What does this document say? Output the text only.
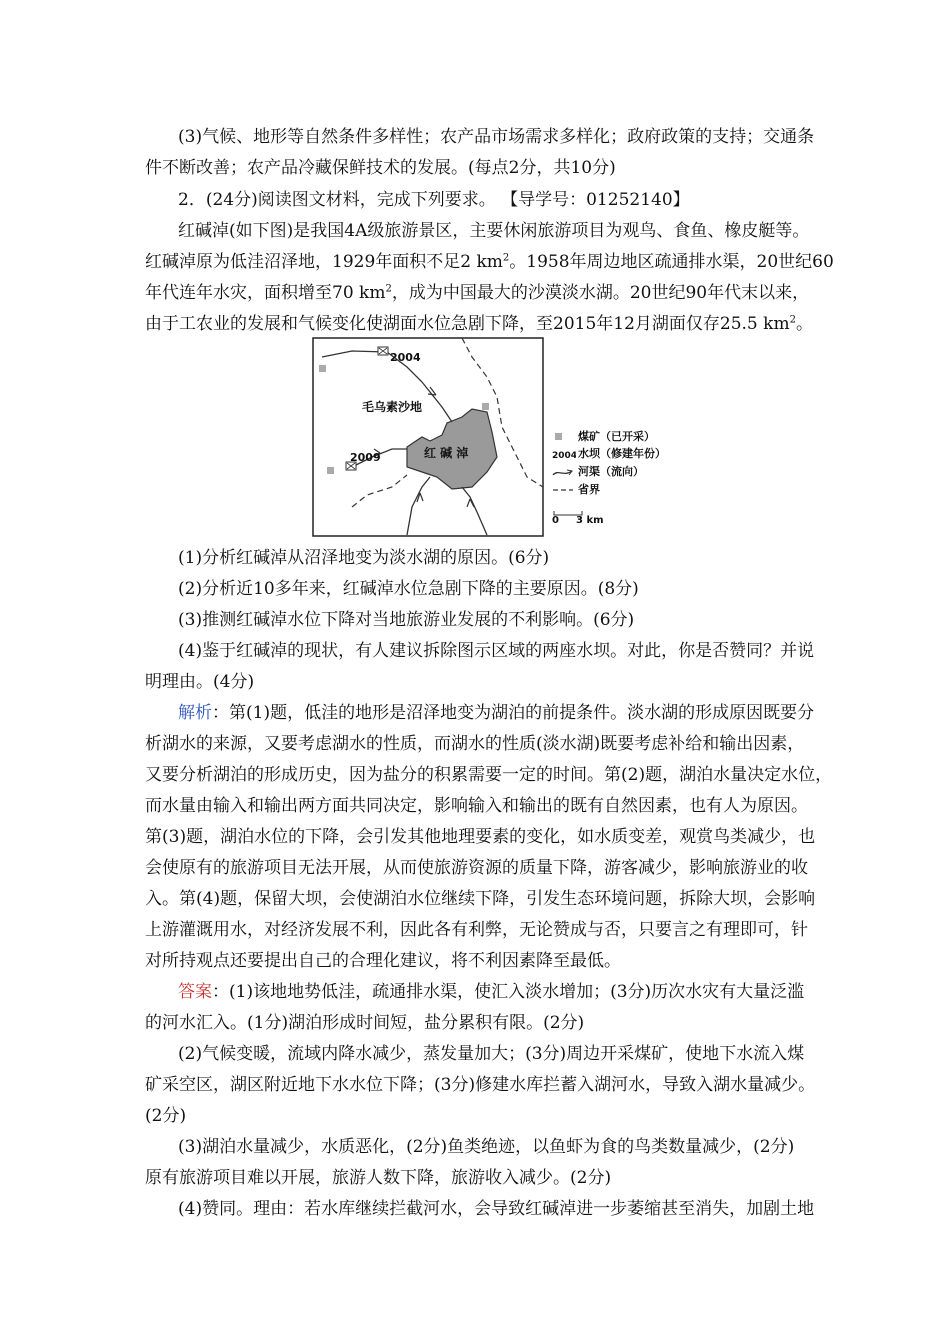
(3)气候、地形等自然条件多样性；农产品市场需求多样化；政府政策的支持；交通条
件不断改善；农产品冷藏保鲜技术的发展。(每点2分，共10分)
2．(24分)阅读图文材料，完成下列要求。 【导学号：01252140】
红碱淖(如下图)是我国4A级旅游景区，主要休闲旅游项目为观鸟、食鱼、橡皮艇等。
红碱淖原为低洼沼泽地，1929年面积不足2 $km^2$。1958年周边地区疏通排水渠，20世纪60
年代连年水灾，面积增至70 $km^2$，成为中国最大的沙漠淡水湖。20世纪90年代末以来，
由于工农业的发展和气候变化使湖面水位急剧下降，至2015年12月湖面仅存25.5 $km^2$。
2004
2009
毛乌素沙地
红 碱 淖
煤矿（已开采）
2004 水坝（修建年份）
河渠（流向）
省界
0 3 km
(1)分析红碱淖从沼泽地变为淡水湖的原因。(6分)
(2)分析近10多年来，红碱淖水位急剧下降的主要原因。(8分)
(3)推测红碱淖水位下降对当地旅游业发展的不利影响。(6分)
(4)鉴于红碱淖的现状，有人建议拆除图示区域的两座水坝。对此，你是否赞同？并说
明理由。(4分)
解析：第(1)题，低洼的地形是沼泽地变为湖泊的前提条件。淡水湖的形成原因既要分
析湖水的来源，又要考虑湖水的性质，而湖水的性质(淡水湖)既要考虑补给和输出因素，
又要分析湖泊的形成历史，因为盐分的积累需要一定的时间。第(2)题，湖泊水量决定水位，
而水量由输入和输出两方面共同决定，影响输入和输出的既有自然因素，也有人为原因。
第(3)题，湖泊水位的下降，会引发其他地理要素的变化，如水质变差，观赏鸟类减少，也
会使原有的旅游项目无法开展，从而使旅游资源的质量下降，游客减少，影响旅游业的收
入。第(4)题，保留大坝，会使湖泊水位继续下降，引发生态环境问题，拆除大坝，会影响
上游灌溉用水，对经济发展不利，因此各有利弊，无论赞成与否，只要言之有理即可，针
对所持观点还要提出自己的合理化建议，将不利因素降至最低。
答案：(1)该地地势低洼，疏通排水渠，使汇入淡水增加；(3分)历次水灾有大量泛滥
的河水汇入。(1分)湖泊形成时间短，盐分累积有限。(2分)
(2)气候变暖，流域内降水减少，蒸发量加大；(3分)周边开采煤矿，使地下水流入煤
矿采空区，湖区附近地下水水位下降；(3分)修建水库拦蓄入湖河水，导致入湖水量减少。
(2分)
(3)湖泊水量减少，水质恶化，(2分)鱼类绝迹，以鱼虾为食的鸟类数量减少，(2分)
原有旅游项目难以开展，旅游人数下降，旅游收入减少。(2分)
(4)赞同。理由：若水库继续拦截河水，会导致红碱淖进一步萎缩甚至消失，加剧土地
